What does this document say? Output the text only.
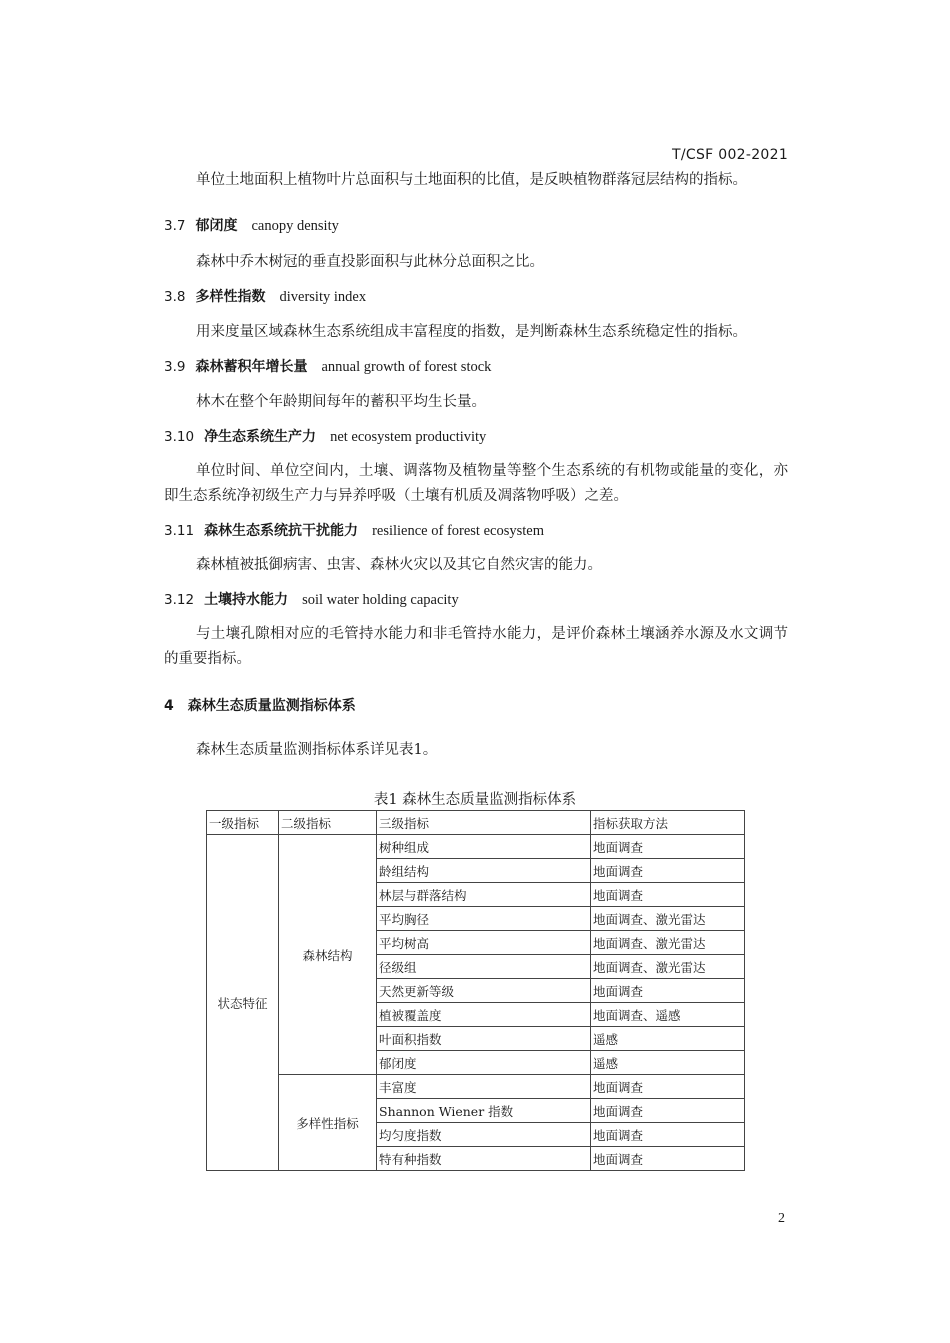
T/CSF 002-2021
单位土地面积上植物叶片总面积与土地面积的比值，是反映植物群落冠层结构的指标。
3.7 郁闭度 canopy density
森林中乔木树冠的垂直投影面积与此林分总面积之比。
3.8 多样性指数 diversity index
用来度量区域森林生态系统组成丰富程度的指数，是判断森林生态系统稳定性的指标。
3.9 森林蓄积年增长量 annual growth of forest stock
林木在整个年龄期间每年的蓄积平均生长量。
3.10 净生态系统生产力 net ecosystem productivity
单位时间、单位空间内，土壤、调落物及植物量等整个生态系统的有机物或能量的变化，亦即生态系统净初级生产力与异养呼吸（土壤有机质及凋落物呼吸）之差。
3.11 森林生态系统抗干扰能力 resilience of forest ecosystem
森林植被抵御病害、虫害、森林火灾以及其它自然灾害的能力。
3.12 土壤持水能力 soil water holding capacity
与土壤孔隙相对应的毛管持水能力和非毛管持水能力，是评价森林土壤涵养水源及水文调节的重要指标。
4 森林生态质量监测指标体系
森林生态质量监测指标体系详见表1。
表1 森林生态质量监测指标体系
一级指标	二级指标	三级指标	指标获取方法
状态特征	森林结构	树种组成	地面调查
		龄组结构	地面调查
		林层与群落结构	地面调查
		平均胸径	地面调查、激光雷达
		平均树高	地面调查、激光雷达
		径级组	地面调查、激光雷达
		天然更新等级	地面调查
		植被覆盖度	地面调查、遥感
		叶面积指数	遥感
		郁闭度	遥感
	多样性指标	丰富度	地面调查
		Shannon Wiener 指数	地面调查
		均匀度指数	地面调查
		特有种指数	地面调查
2
